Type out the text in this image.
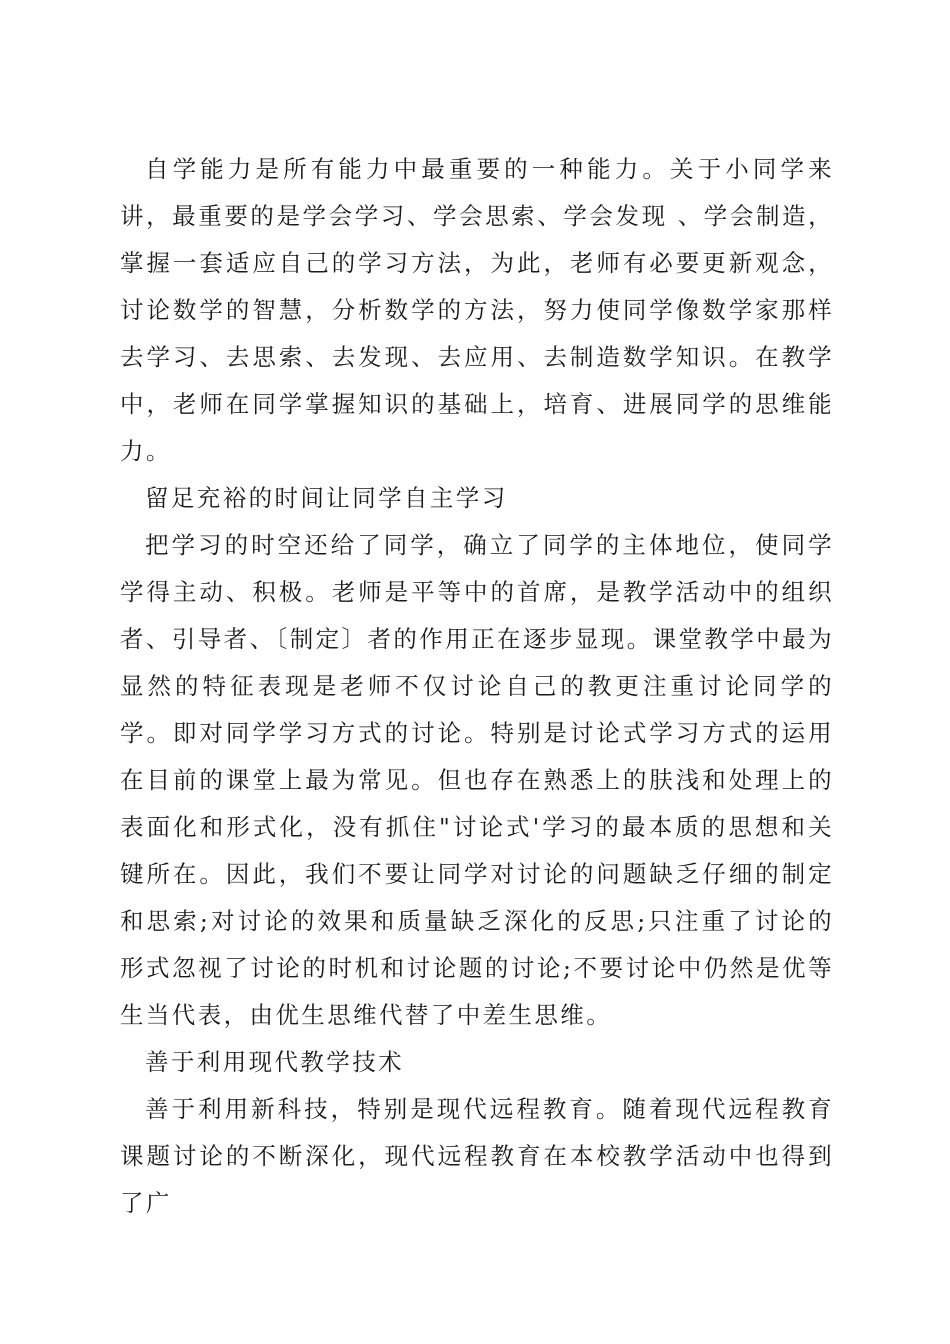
自学能力是所有能力中最重要的一种能力。关于小同学来讲，最重要的是学会学习、学会思索、学会发现 、学会制造，掌握一套适应自己的学习方法，为此，老师有必要更新观念，讨论数学的智慧，分析数学的方法，努力使同学像数学家那样去学习、去思索、去发现、去应用、去制造数学知识。在教学中，老师在同学掌握知识的基础上，培育、进展同学的思维能力。

留足充裕的时间让同学自主学习

把学习的时空还给了同学，确立了同学的主体地位，使同学学得主动、积极。老师是平等中的首席，是教学活动中的组织者、引导者、〔制定〕者的作用正在逐步显现。课堂教学中最为显然的特征表现是老师不仅讨论自己的教更注重讨论同学的学。即对同学学习方式的讨论。特别是讨论式学习方式的运用在目前的课堂上最为常见。但也存在熟悉上的肤浅和处理上的表面化和形式化，没有抓住"讨论式'学习的最本质的思想和关键所在。因此，我们不要让同学对讨论的问题缺乏仔细的制定和思索;对讨论的效果和质量缺乏深化的反思;只注重了讨论的形式忽视了讨论的时机和讨论题的讨论;不要讨论中仍然是优等生当代表，由优生思维代替了中差生思维。

善于利用现代教学技术

善于利用新科技，特别是现代远程教育。随着现代远程教育课题讨论的不断深化，现代远程教育在本校教学活动中也得到了广
